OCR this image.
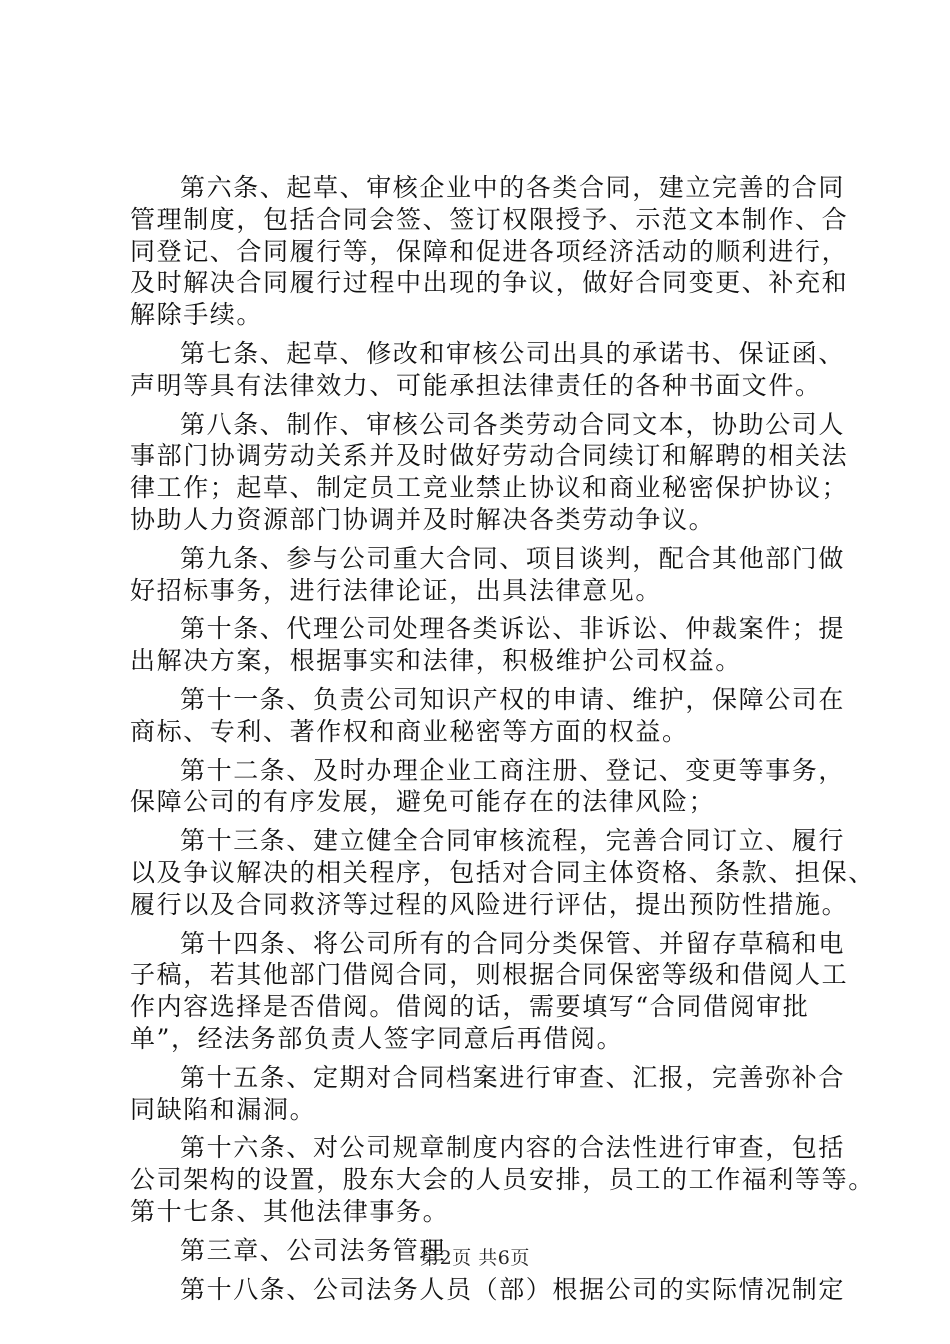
第六条、起草、审核企业中的各类合同，建立完善的合同
管理制度，包括合同会签、签订权限授予、示范文本制作、合
同登记、合同履行等，保障和促进各项经济活动的顺利进行，
及时解决合同履行过程中出现的争议，做好合同变更、补充和
解除手续。
第七条、起草、修改和审核公司出具的承诺书、保证函、
声明等具有法律效力、可能承担法律责任的各种书面文件。
第八条、制作、审核公司各类劳动合同文本，协助公司人
事部门协调劳动关系并及时做好劳动合同续订和解聘的相关法
律工作；起草、制定员工竞业禁止协议和商业秘密保护协议；
协助人力资源部门协调并及时解决各类劳动争议。
第九条、参与公司重大合同、项目谈判，配合其他部门做
好招标事务，进行法律论证，出具法律意见。
第十条、代理公司处理各类诉讼、非诉讼、仲裁案件；提
出解决方案，根据事实和法律，积极维护公司权益。
第十一条、负责公司知识产权的申请、维护，保障公司在
商标、专利、著作权和商业秘密等方面的权益。
第十二条、及时办理企业工商注册、登记、变更等事务，
保障公司的有序发展，避免可能存在的法律风险；
第十三条、建立健全合同审核流程，完善合同订立、履行
以及争议解决的相关程序，包括对合同主体资格、条款、担保、
履行以及合同救济等过程的风险进行评估，提出预防性措施。
第十四条、将公司所有的合同分类保管、并留存草稿和电
子稿，若其他部门借阅合同，则根据合同保密等级和借阅人工
作内容选择是否借阅。借阅的话，需要填写“合同借阅审批
单”，经法务部负责人签字同意后再借阅。
第十五条、定期对合同档案进行审查、汇报，完善弥补合
同缺陷和漏洞。
第十六条、对公司规章制度内容的合法性进行审查，包括
公司架构的设置，股东大会的人员安排，员工的工作福利等等。
第十七条、其他法律事务。
第三章、公司法务管理
第十八条、公司法务人员（部）根据公司的实际情况制定
第2页 共6页
